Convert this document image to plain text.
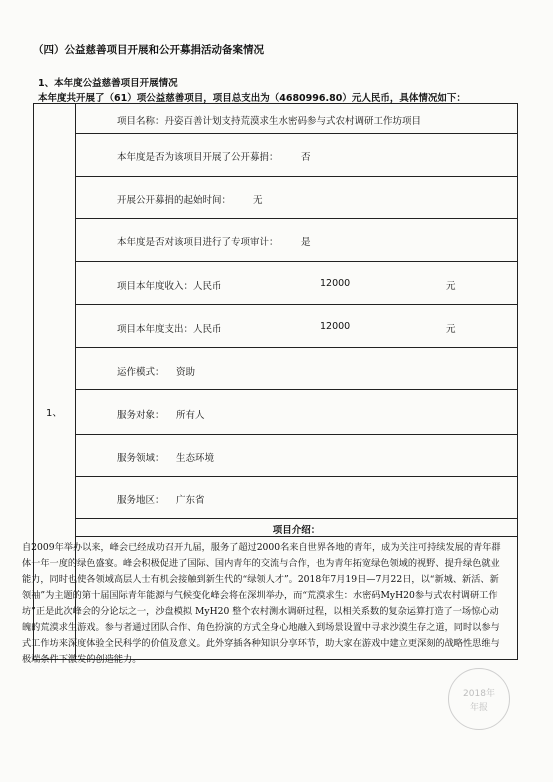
（四）公益慈善项目开展和公开募捐活动备案情况
1、本年度公益慈善项目开展情况
本年度共开展了（61）项公益慈善项目，项目总支出为（4680996.80）元人民币，具体情况如下：
1、
项目名称：丹姿百善计划支持荒漠求生水密码参与式农村调研工作坊项目
本年度是否为该项目开展了公开募捐： 否
开展公开募捐的起始时间： 无
本年度是否对该项目进行了专项审计： 是
项目本年度收入：人民币	12000	元
项目本年度支出：人民币	12000	元
运作模式： 资助
服务对象： 所有人
服务领域： 生态环境
服务地区： 广东省
项目介绍：
自2009年举办以来，峰会已经成功召开九届，服务了超过2000名来自世界各地的青年，成为关注可持续发展的青年群体一年一度的绿色盛宴。峰会积极促进了国际、国内青年的交流与合作，也为青年拓宽绿色领域的视野、提升绿色就业能力，同时也使各领域高层人士有机会接触到新生代的“绿领人才”。2018年7月19日—7月22日，以“新城、新活、新领袖”为主题的第十届国际青年能源与气候变化峰会将在深圳举办，而“荒漠求生：水密码MyH20参与式农村调研工作坊”正是此次峰会的分论坛之一，沙盘模拟 MyH20 整个农村测水调研过程，以相关系数的复杂运算打造了一场惊心动魄的荒漠求生游戏。参与者通过团队合作、角色扮演的方式全身心地融入到场景设置中寻求沙漠生存之道，同时以参与式工作坊来深度体验全民科学的价值及意义。此外穿插各种知识分享环节，助大家在游戏中建立更深刻的战略性思维与极端条件下激发的创造能力。
2018年
年报
